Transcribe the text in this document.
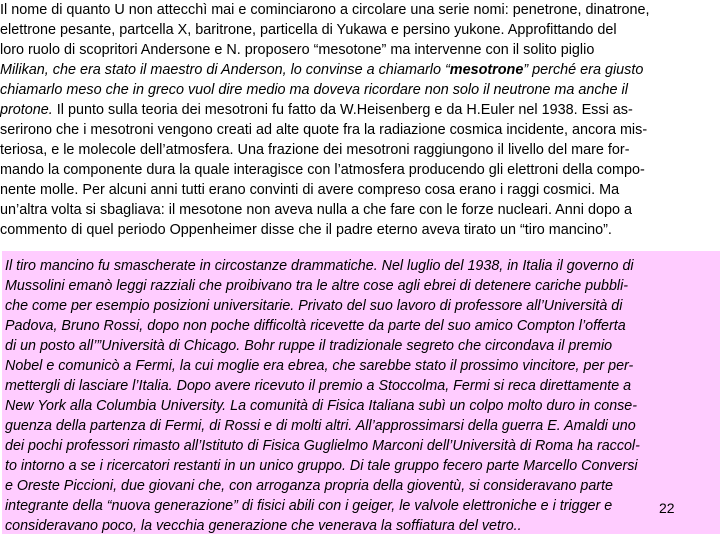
Il nome di quanto U non attecchì mai e cominciarono a circolare una serie nomi: penetrone, dinatrone,
elettrone pesante, partcella X, baritrone, particella di Yukawa e persino yukone. Approfittando del
loro ruolo di scopritori Andersone e N. proposero “mesotone” ma intervenne con il solito piglio
Milikan, che era stato il maestro di Anderson, lo convinse a chiamarlo “mesotrone” perché era giusto
chiamarlo meso che in greco vuol dire medio ma doveva ricordare non solo il neutrone ma anche il
protone. Il punto sulla teoria dei mesotroni fu fatto da W.Heisenberg e da H.Euler nel 1938. Essi as-
serirono che i mesotroni vengono creati ad alte quote fra la radiazione cosmica incidente, ancora mis-
teriosa, e le molecole dell’atmosfera. Una frazione dei mesotroni raggiungono il livello del mare for-
mando la componente dura la quale interagisce con l’atmosfera producendo gli elettroni della compo-
nente molle. Per alcuni anni tutti erano convinti di avere compreso cosa erano i raggi cosmici. Ma
un’altra volta si sbagliava: il mesotone non aveva nulla a che fare con le forze nucleari. Anni dopo a
commento di quel periodo Oppenheimer disse che il padre eterno aveva tirato un “tiro mancino”.
Il tiro mancino fu smascherate in circostanze drammatiche. Nel luglio del 1938, in Italia il governo di
Mussolini emanò leggi razziali che proibivano tra le altre cose agli ebrei di detenere cariche pubbli-
che come per esempio posizioni universitarie. Privato del suo lavoro di professore all’Università di
Padova, Bruno Rossi, dopo non poche difficoltà ricevette da parte del suo amico Compton l’offerta
di un posto all’”Università di Chicago. Bohr ruppe il tradizionale segreto che circondava il premio
Nobel e comunicò a Fermi, la cui moglie era ebrea, che sarebbe stato il prossimo vincitore, per per-
mettergli di lasciare l’Italia. Dopo avere ricevuto il premio a Stoccolma, Fermi si reca direttamente a
New York alla Columbia University. La comunità di Fisica Italiana subì un colpo molto duro in conse-
guenza della partenza di Fermi, di Rossi e di molti altri. All’approssimarsi della guerra E. Amaldi uno
dei pochi professori rimasto all’Istituto di Fisica Guglielmo Marconi dell’Università di Roma ha raccol-
to intorno a se i ricercatori restanti in un unico gruppo. Di tale gruppo fecero parte Marcello Conversi
e Oreste Piccioni, due giovani che, con arroganza propria della gioventù, si consideravano parte
integrante della “nuova generazione” di fisici abili con i geiger, le valvole elettroniche e i trigger e
consideravano poco, la vecchia generazione che venerava la soffiatura del vetro..
22
